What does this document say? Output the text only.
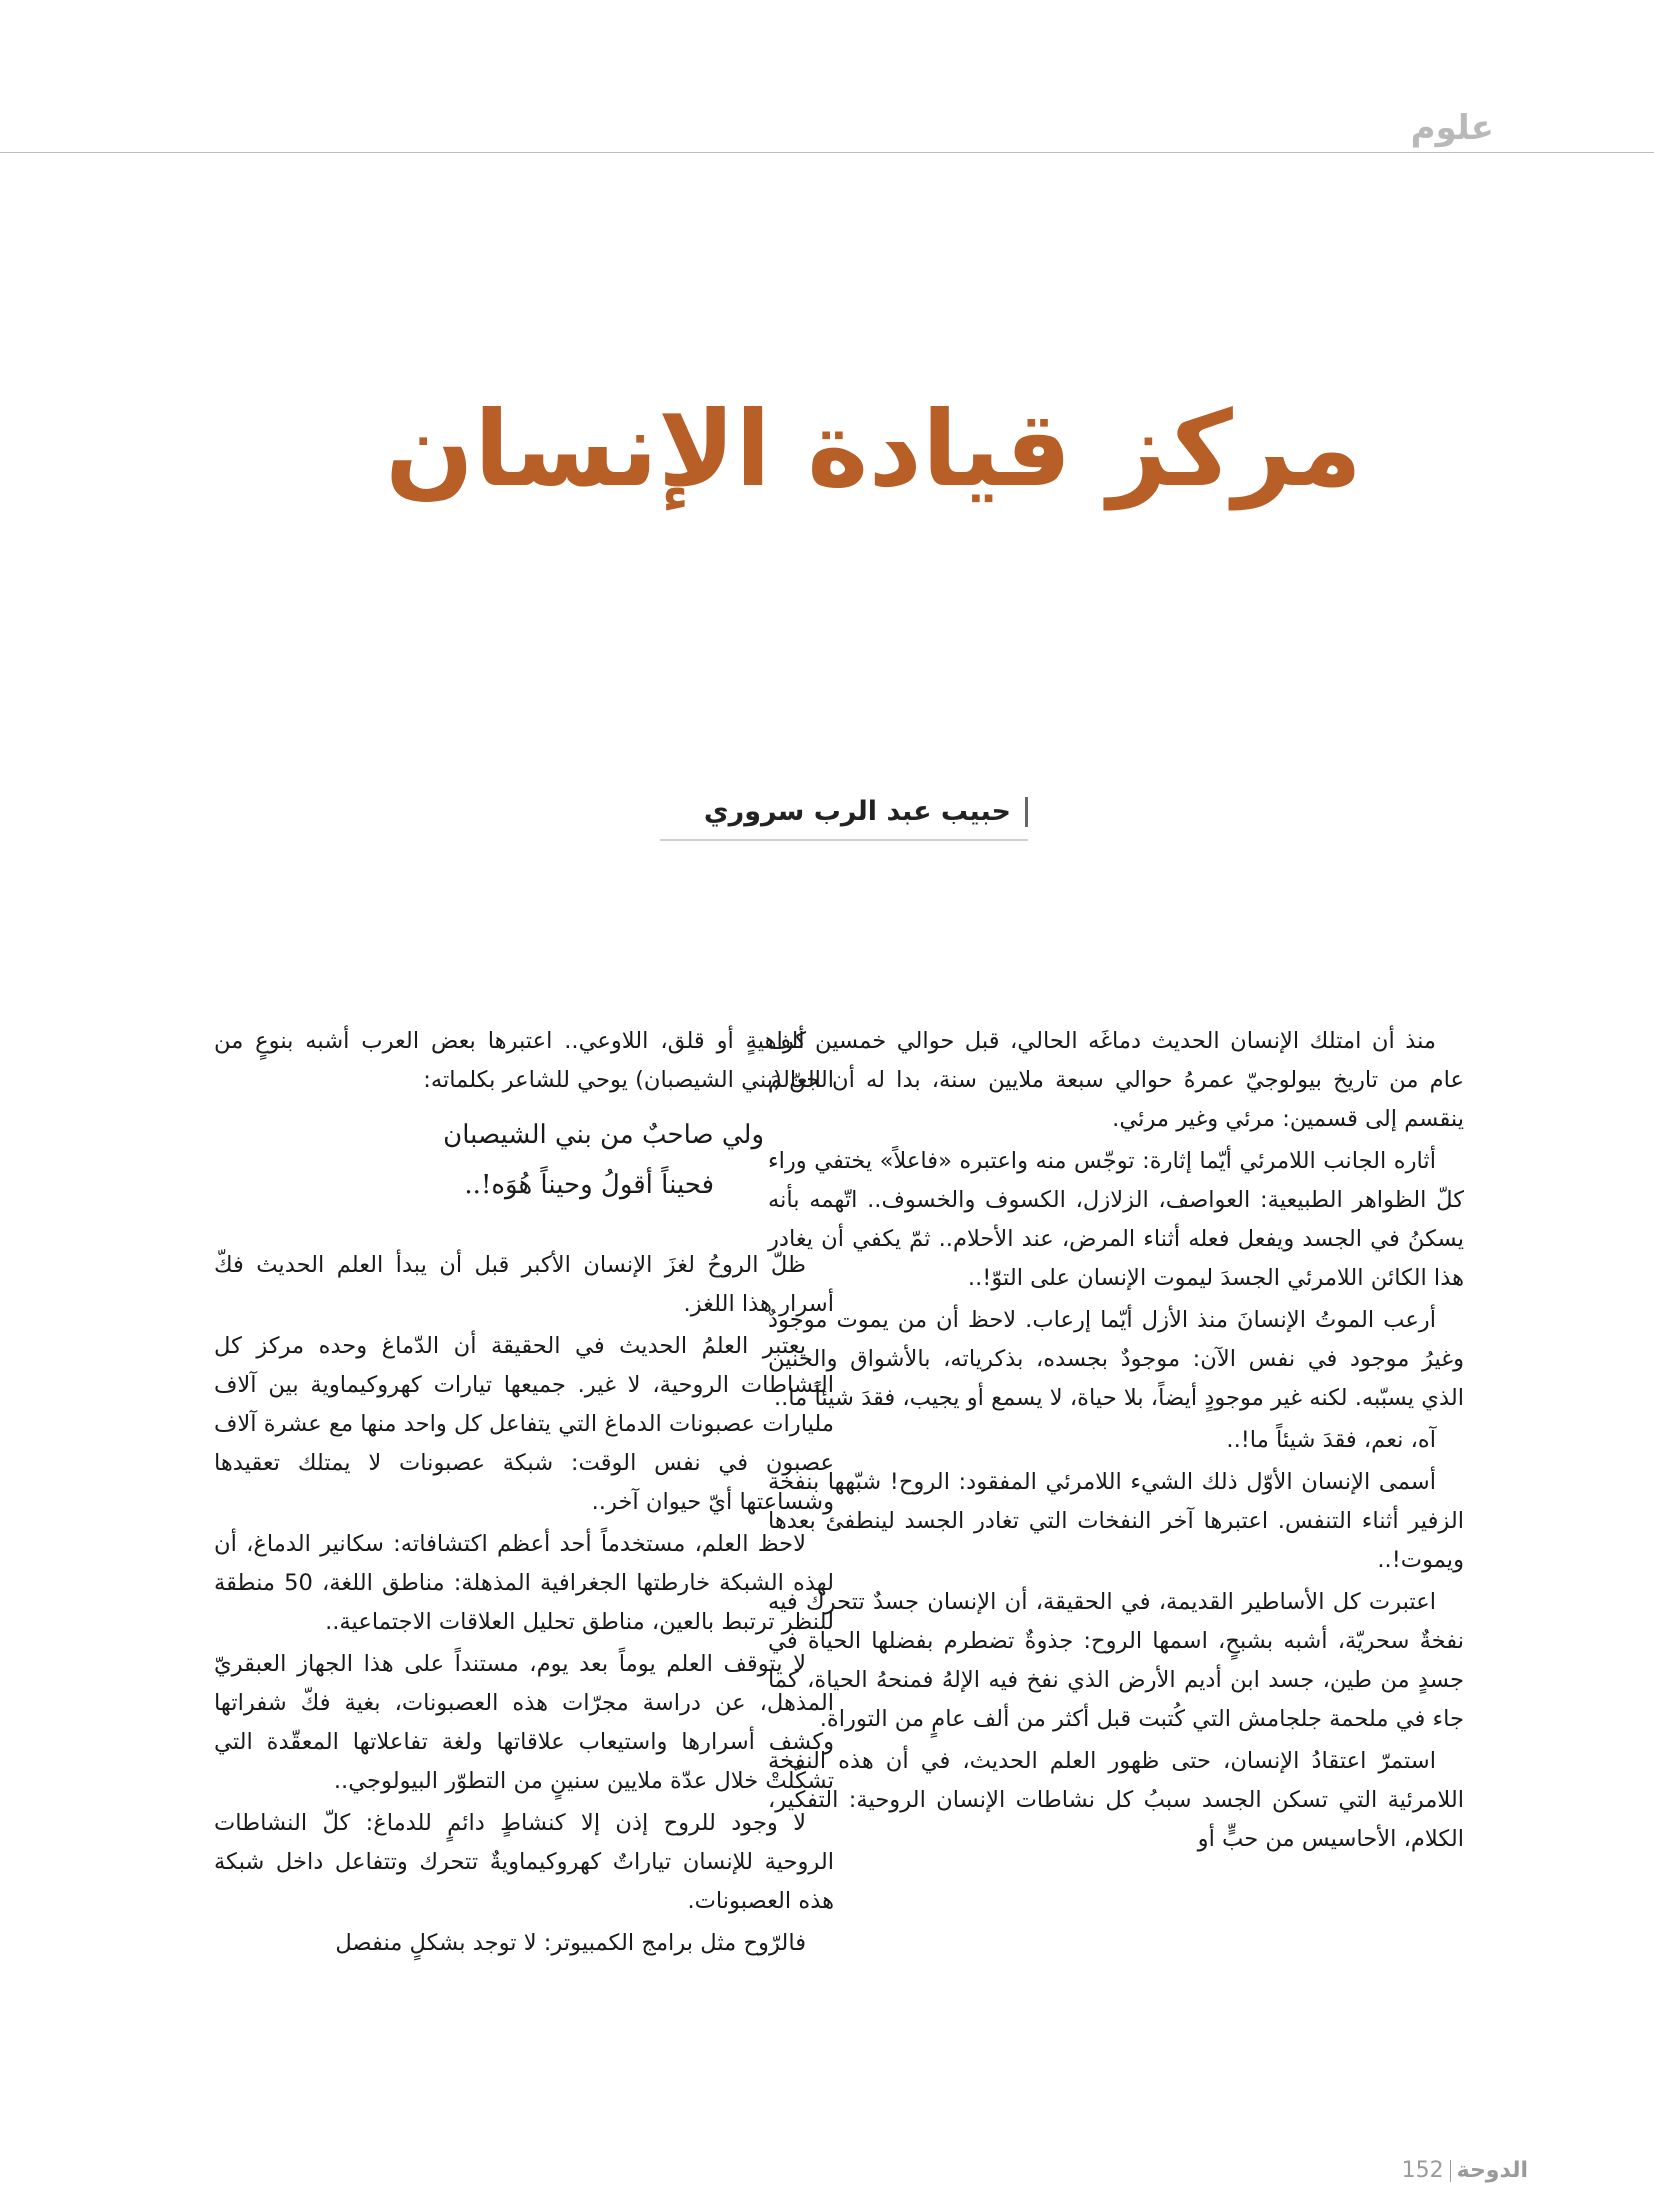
علوم
مركز قيادة الإنسان
حبيب عبد الرب سروري

منذ أن امتلك الإنسان الحديث دماغَه الحالي، قبل حوالي خمسين ألف عام من تاريخ بيولوجيّ عمرهُ حوالي سبعة ملايين سنة، بدا له أن العالمَ ينقسم إلى قسمين: مرئي وغير مرئي.

أثاره الجانب اللامرئي أيّما إثارة: توجّس منه واعتبره «فاعلاً» يختفي وراء كلّ الظواهر الطبيعية: العواصف، الزلازل، الكسوف والخسوف.. اتّهمه بأنه يسكنُ في الجسد ويفعل فعله أثناء المرض، عند الأحلام.. ثمّ يكفي أن يغادر هذا الكائن اللامرئي الجسدَ ليموت الإنسان على التوّ!..

أرعب الموتُ الإنسانَ منذ الأزل أيّما إرعاب. لاحظ أن من يموت موجودٌ وغيرُ موجود في نفس الآن: موجودٌ بجسده، بذكرياته، بالأشواق والحنين الذي يسبّبه. لكنه غير موجودٍ أيضاً، بلا حياة، لا يسمع أو يجيب، فقدَ شيئاً ما..

آه، نعم، فقدَ شيئاً ما!..

أسمى الإنسان الأوّل ذلك الشيء اللامرئي المفقود: الروح! شبّهها بنفخة الزفير أثناء التنفس. اعتبرها آخر النفخات التي تغادر الجسد لينطفئ بعدها ويموت!..

اعتبرت كل الأساطير القديمة، في الحقيقة، أن الإنسان جسدٌ تتحرك فيه نفخةٌ سحريّة، أشبه بشبحٍ، اسمها الروح: جذوةٌ تضطرم بفضلها الحياة في جسدٍ من طين، جسد ابن أديم الأرض الذي نفخ فيه الإلهُ فمنحهُ الحياة، كما جاء في ملحمة جلجامش التي كُتبت قبل أكثر من ألف عامٍ من التوراة.

استمرّ اعتقادُ الإنسان، حتى ظهور العلم الحديث، في أن هذه النفخة اللامرئية التي تسكن الجسد سببُ كل نشاطات الإنسان الروحية: التفكير، الكلام، الأحاسيس من حبٍّ أو

كراهيةٍ أو قلق، اللاوعي.. اعتبرها بعض العرب أشبه بنوعٍ من الجنّ (بني الشيصبان) يوحي للشاعر بكلماته:

ولي صاحبٌ من بني الشيصبان
فحيناً أقولُ وحيناً هُوَه!..

ظلّ الروحُ لغزَ الإنسان الأكبر قبل أن يبدأ العلم الحديث فكّ أسرار هذا اللغز.

يعتبر العلمُ الحديث في الحقيقة أن الدّماغ وحده مركز كل النشاطات الروحية، لا غير. جميعها تيارات كهروكيماوية بين آلاف مليارات عصبونات الدماغ التي يتفاعل كل واحد منها مع عشرة آلاف عصبون في نفس الوقت: شبكة عصبونات لا يمتلك تعقيدها وشساعتها أيّ حيوان آخر..

لاحظ العلم، مستخدماً أحد أعظم اكتشافاته: سكانير الدماغ، أن لهذه الشبكة خارطتها الجغرافية المذهلة: مناطق اللغة، 50 منطقة للنظر ترتبط بالعين، مناطق تحليل العلاقات الاجتماعية..

لا يتوقف العلم يوماً بعد يوم، مستنداً على هذا الجهاز العبقريّ المذهل، عن دراسة مجرّات هذه العصبونات، بغية فكّ شفراتها وكشف أسرارها واستيعاب علاقاتها ولغة تفاعلاتها المعقّدة التي تشكّلتْ خلال عدّة ملايين سنينٍ من التطوّر البيولوجي..

لا وجود للروح إذن إلا كنشاطٍ دائمٍ للدماغ: كلّ النشاطات الروحية للإنسان تياراتٌ كهروكيماويةٌ تتحرك وتتفاعل داخل شبكة هذه العصبونات.

فالرّوح مثل برامج الكمبيوتر: لا توجد بشكلٍ منفصل

الدوحة152
